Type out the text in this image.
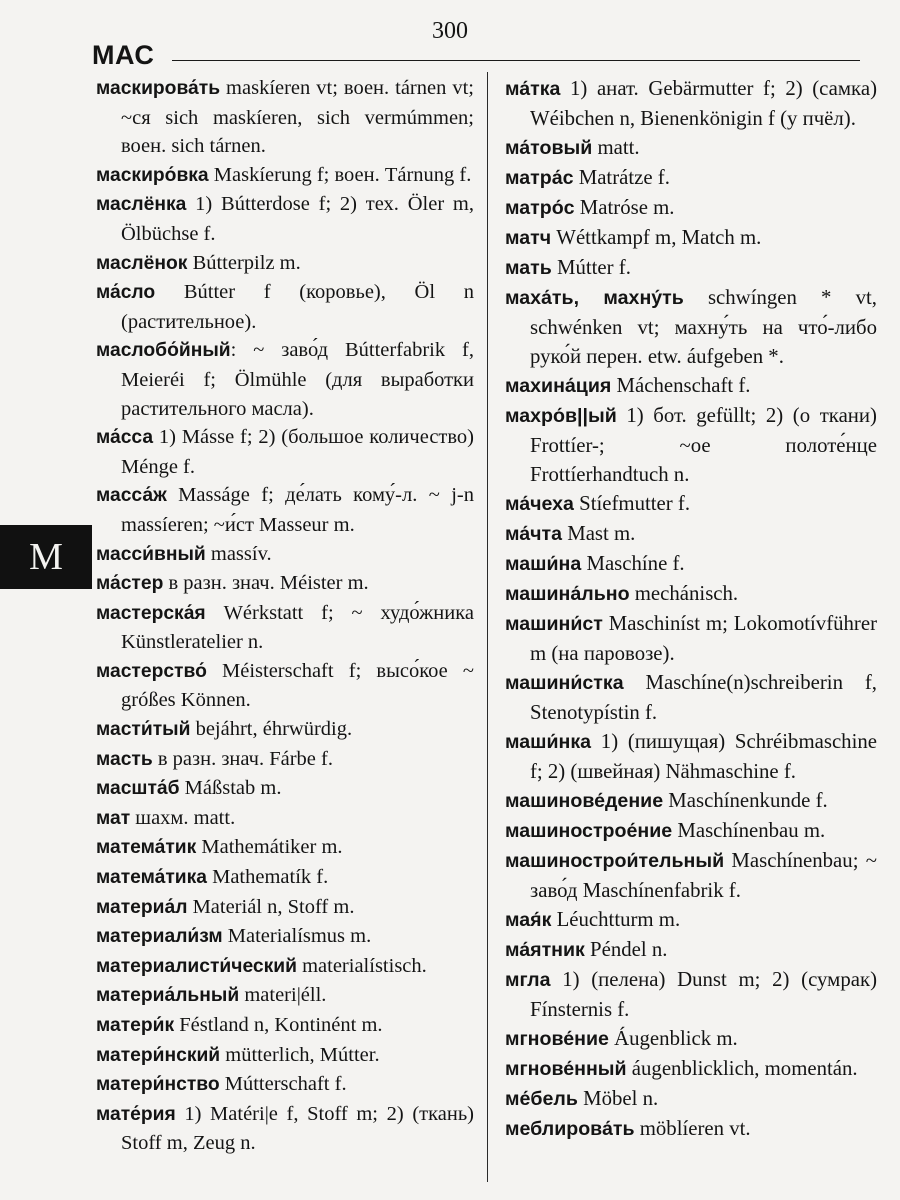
300
МАС
M

маскирова́ть maskíeren vt; воен. tárnen vt; ~ся sich maskíeren, sich vermúmmen; воен. sich tárnen.

маскиро́вка Maskíerung f; воен. Tárnung f.

маслёнка 1) Bútterdose f; 2) тех. Öler m, Ölbüchse f.

маслёнок Bútterpilz m.

ма́сло Bútter f (коровье), Öl n (растительное).

маслобо́йный: ~ заво́д Bútterfabrik f, Meieréi f; Ölmühle (для выработки растительного масла).

ма́сса 1) Másse f; 2) (большое количество) Ménge f.

масса́ж Masságe f; де́лать кому́-л. ~ j-n massíeren; ~и́ст Masseur m.

масси́вный massív.

ма́стер в разн. знач. Méister m.

мастерска́я Wérkstatt f; ~ худо́жника Künstleratelier n.

мастерство́ Méisterschaft f; высо́кое ~ gróßes Können.

масти́тый bejáhrt, éhrwürdig.

масть в разн. знач. Fárbe f.

масшта́б Máßstab m.

мат шахм. matt.

матема́тик Mathemátiker m.

матема́тика Mathematík f.

материа́л Materiál n, Stoff m.

материали́зм Materialísmus m.

материалисти́ческий materialístisch.

материа́льный materi|éll.

матери́к Féstland n, Kontinént m.

матери́нский mütterlich, Mútter.

матери́нство Mútterschaft f.

мате́рия 1) Matéri|e f, Stoff m; 2) (ткань) Stoff m, Zeug n.

ма́тка 1) анат. Gebärmutter f; 2) (самка) Wéibchen n, Bienenkönigin f (у пчёл).

ма́товый matt.

матра́с Matrátze f.

матро́с Matróse m.

матч Wéttkampf m, Match m.

мать Mútter f.

маха́ть, махну́ть schwíngen * vt, schwénken vt; махну́ть на что́-либо руко́й перен. etw. áufgeben *.

махина́ция Máchenschaft f.

махро́в||ый 1) бот. gefüllt; 2) (о ткани) Frottíer-; ~ое полоте́нце Frottíerhandtuch n.

ма́чеха Stíefmutter f.

ма́чта Mast m.

маши́на Maschíne f.

машина́льно mechánisch.

машини́ст Maschiníst m; Lokomotívführer m (на паровозе).

машини́стка Maschíne(n)schreiberin f, Stenotypístin f.

маши́нка 1) (пишущая) Schréibmaschine f; 2) (швейная) Nähmaschine f.

машинове́дение Maschínenkunde f.

машинострое́ние Maschínenbau m.

машинострои́тельный Maschínenbau; ~ заво́д Maschínenfabrik f.

мая́к Léuchtturm m.

ма́ятник Péndel n.

мгла 1) (пелена) Dunst m; 2) (сумрак) Fínsternis f.

мгнове́ние Áugenblick m.

мгнове́нный áugenblicklich, momentán.

ме́бель Möbel n.

меблирова́ть möblíeren vt.
